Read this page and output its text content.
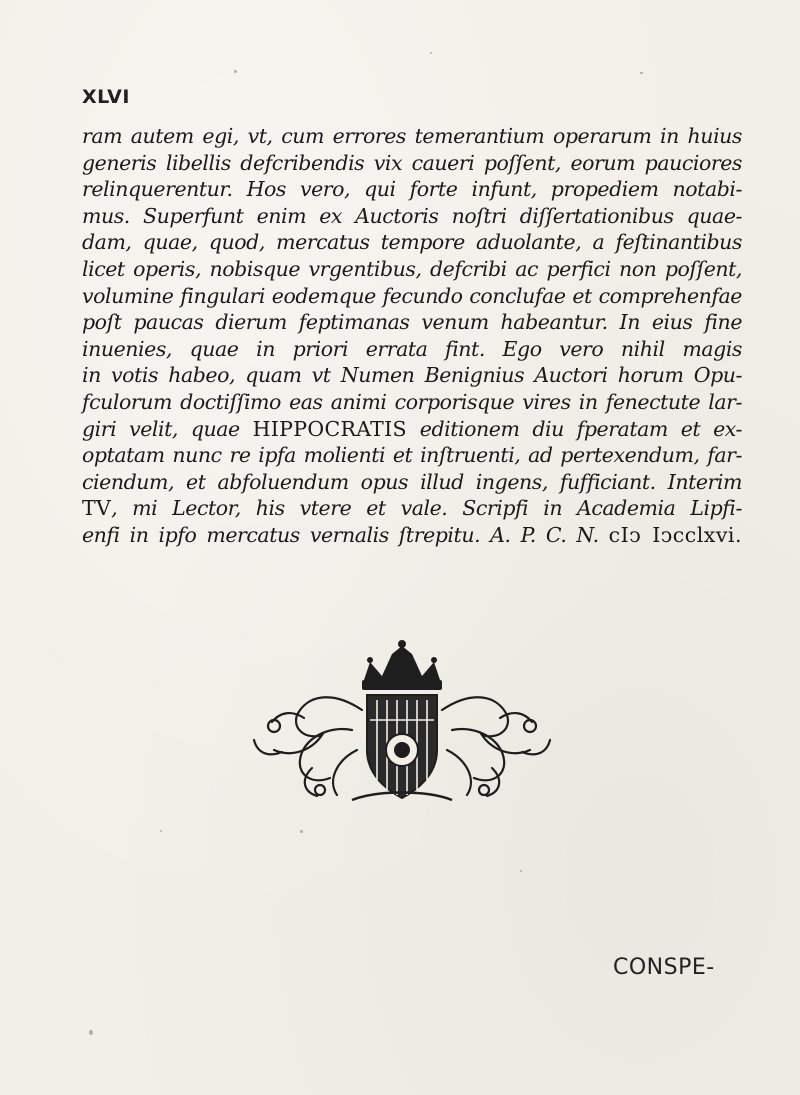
XLVI
ram autem egi, vt, cum errores temerantium operarum in huius
generis libellis defcribendis vix caueri poſſent, eorum pauciores
relinquerentur. Hos vero, qui forte infunt, propediem notabi-
mus. Superfunt enim ex Auctoris noſtri diſſertationibus quae-
dam, quae, quod, mercatus tempore aduolante, a feſtinantibus
licet operis, nobisque vrgentibus, defcribi ac perfici non poſſent,
volumine fingulari eodemque fecundo conclufae et comprehenfae
poſt paucas dierum feptimanas venum habeantur. In eius fine
inuenies, quae in priori errata fint. Ego vero nihil magis
in votis habeo, quam vt Numen Benignius Auctori horum Opu-
fculorum doctiſſimo eas animi corporisque vires in fenectute lar-
giri velit, quae HIPPOCRATIS editionem diu fperatam et ex-
optatam nunc re ipfa molienti et inſtruenti, ad pertexendum, far-
ciendum, et abfoluendum opus illud ingens, fufficiant. Interim
TV, mi Lector, his vtere et vale. Scripfi in Academia Lipfi-
enfi in ipfo mercatus vernalis ſtrepitu. A. P. C. N. cIↄ Iↄcclxvi.
CONSPE-
